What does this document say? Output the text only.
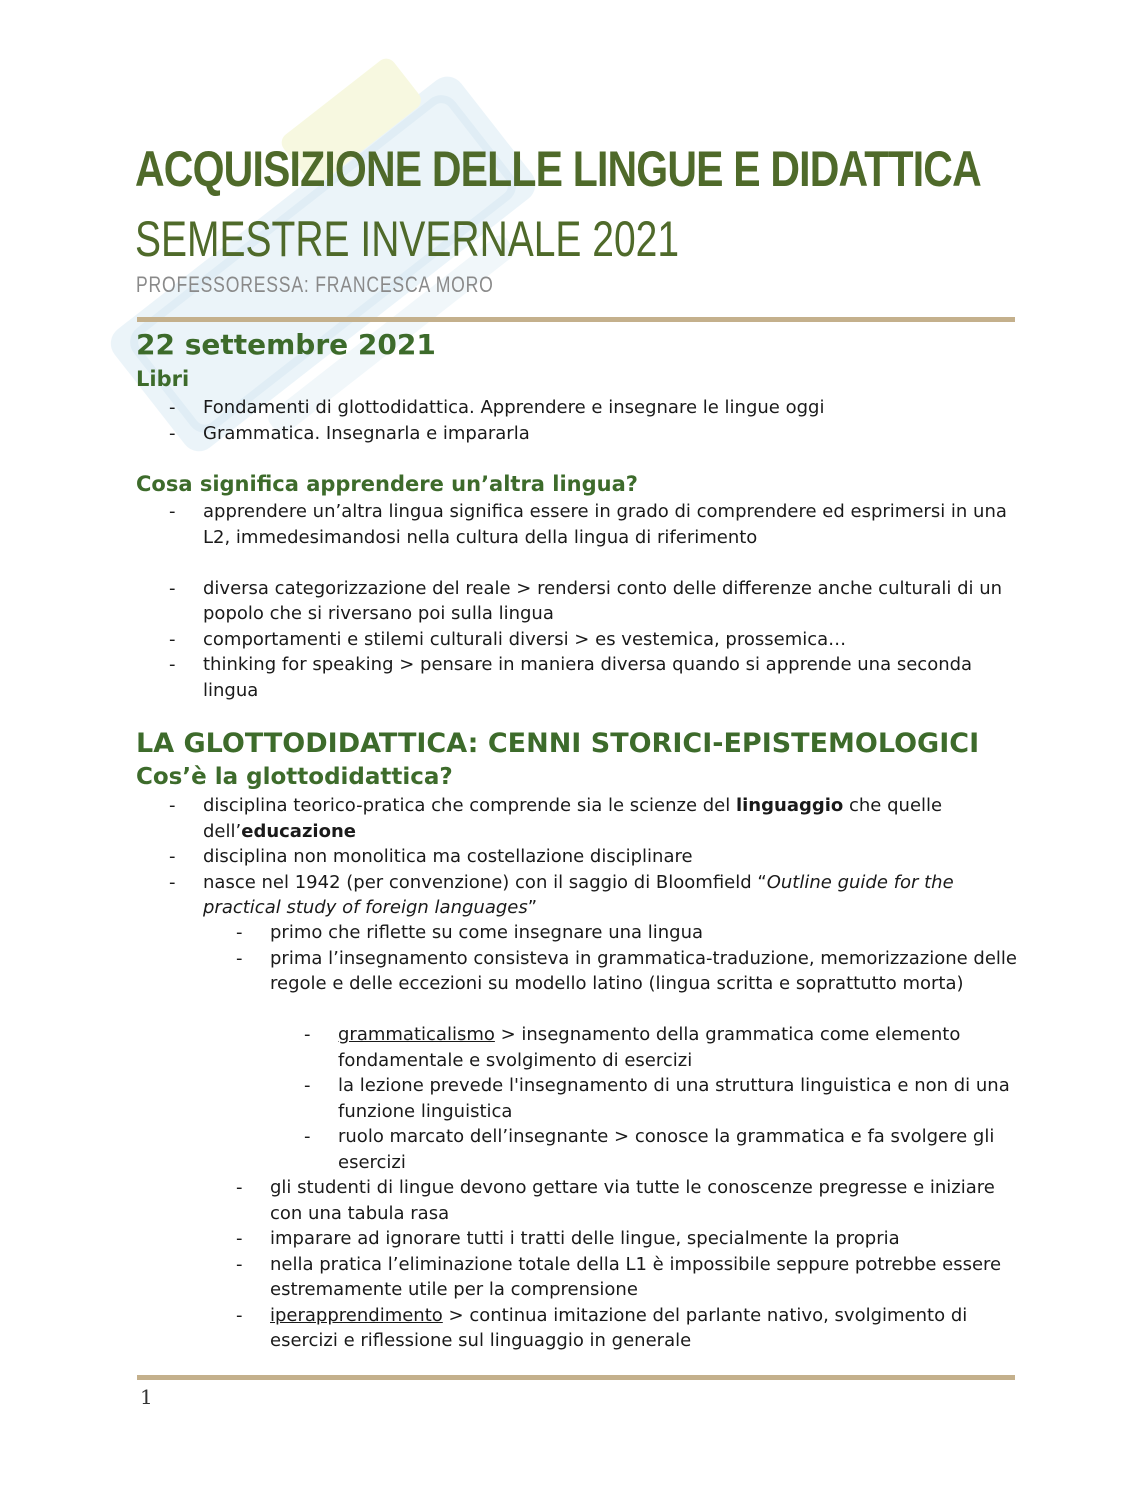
ACQUISIZIONE DELLE LINGUE E DIDATTICA
SEMESTRE INVERNALE 2021
PROFESSORESSA: FRANCESCA MORO
22 settembre 2021
Libri
- Fondamenti di glottodidattica. Apprendere e insegnare le lingue oggi
- Grammatica. Insegnarla e impararla
Cosa significa apprendere un’altra lingua?
- apprendere un’altra lingua significa essere in grado di comprendere ed esprimersi in una L2, immedesimandosi nella cultura della lingua di riferimento
- diversa categorizzazione del reale > rendersi conto delle differenze anche culturali di un popolo che si riversano poi sulla lingua
- comportamenti e stilemi culturali diversi > es vestemica, prossemica…
- thinking for speaking > pensare in maniera diversa quando si apprende una seconda lingua
LA GLOTTODIDATTICA: CENNI STORICI-EPISTEMOLOGICI
Cos’è la glottodidattica?
- disciplina teorico-pratica che comprende sia le scienze del linguaggio che quelle dell’educazione
- disciplina non monolitica ma costellazione disciplinare
- nasce nel 1942 (per convenzione) con il saggio di Bloomfield “Outline guide for the practical study of foreign languages”
- primo che riflette su come insegnare una lingua
- prima l’insegnamento consisteva in grammatica-traduzione, memorizzazione delle regole e delle eccezioni su modello latino (lingua scritta e soprattutto morta)
- grammaticalismo > insegnamento della grammatica come elemento fondamentale e svolgimento di esercizi
- la lezione prevede l'insegnamento di una struttura linguistica e non di una funzione linguistica
- ruolo marcato dell’insegnante > conosce la grammatica e fa svolgere gli esercizi
- gli studenti di lingue devono gettare via tutte le conoscenze pregresse e iniziare con una tabula rasa
- imparare ad ignorare tutti i tratti delle lingue, specialmente la propria
- nella pratica l’eliminazione totale della L1 è impossibile seppure potrebbe essere estremamente utile per la comprensione
- iperapprendimento > continua imitazione del parlante nativo, svolgimento di esercizi e riflessione sul linguaggio in generale
1
